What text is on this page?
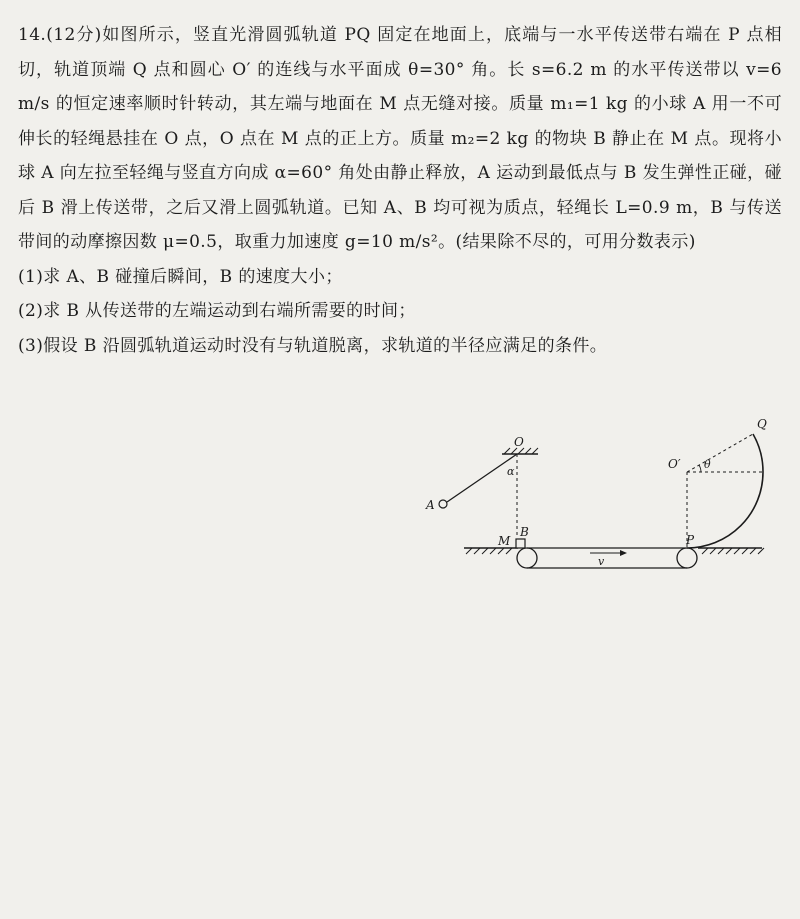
14.(12分)如图所示，竖直光滑圆弧轨道 PQ 固定在地面上，底端与一水平传送带右端在 P 点相切，轨道顶端 Q 点和圆心 O′ 的连线与水平面成 θ=30° 角。长 s=6.2 m 的水平传送带以 v=6 m/s 的恒定速率顺时针转动，其左端与地面在 M 点无缝对接。质量 m₁=1 kg 的小球 A 用一不可伸长的轻绳悬挂在 O 点，O 点在 M 点的正上方。质量 m₂=2 kg 的物块 B 静止在 M 点。现将小球 A 向左拉至轻绳与竖直方向成 α=60° 角处由静止释放，A 运动到最低点与 B 发生弹性正碰，碰后 B 滑上传送带，之后又滑上圆弧轨道。已知 A、B 均可视为质点，轻绳长 L=0.9 m，B 与传送带间的动摩擦因数 μ=0.5，取重力加速度 g=10 m/s²。(结果除不尽的，可用分数表示)

(1)求 A、B 碰撞后瞬间，B 的速度大小；

(2)求 B 从传送带的左端运动到右端所需要的时间；

(3)假设 B 沿圆弧轨道运动时没有与轨道脱离，求轨道的半径应满足的条件。

O
α
A
M
B
v
P
O′ θ
Q
